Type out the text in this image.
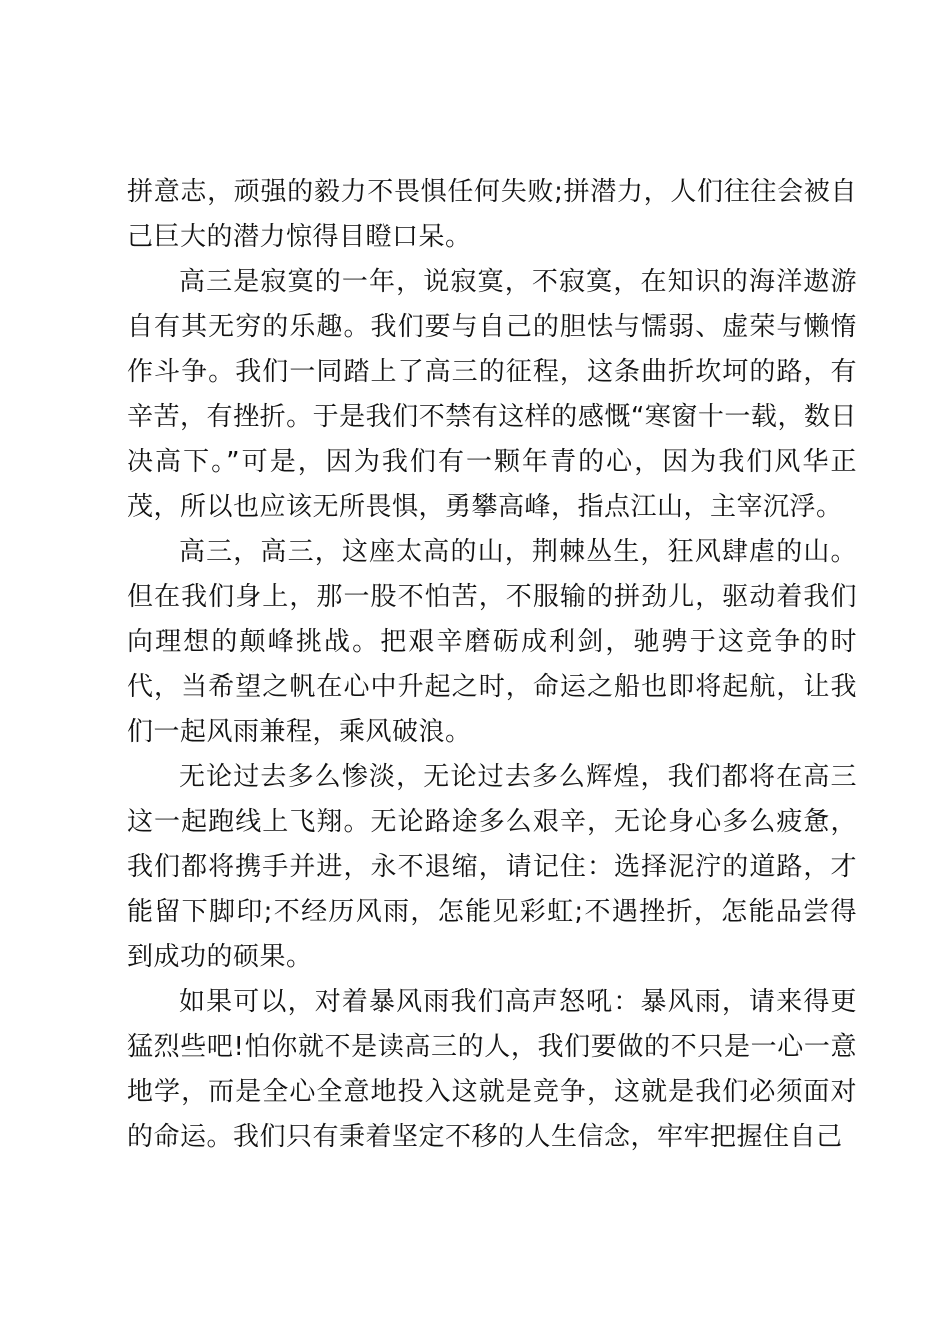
拼意志，顽强的毅力不畏惧任何失败;拼潜力，人们往往会被自己巨大的潜力惊得目瞪口呆。

高三是寂寞的一年，说寂寞，不寂寞，在知识的海洋遨游自有其无穷的乐趣。我们要与自己的胆怯与懦弱、虚荣与懒惰作斗争。我们一同踏上了高三的征程，这条曲折坎坷的路，有辛苦，有挫折。于是我们不禁有这样的感慨“寒窗十一载，数日决高下。”可是，因为我们有一颗年青的心，因为我们风华正茂，所以也应该无所畏惧，勇攀高峰，指点江山，主宰沉浮。

高三，高三，这座太高的山，荆棘丛生，狂风肆虐的山。但在我们身上，那一股不怕苦，不服输的拼劲儿，驱动着我们向理想的颠峰挑战。把艰辛磨砺成利剑，驰骋于这竞争的时代，当希望之帆在心中升起之时，命运之船也即将起航，让我们一起风雨兼程，乘风破浪。

无论过去多么惨淡，无论过去多么辉煌，我们都将在高三这一起跑线上飞翔。无论路途多么艰辛，无论身心多么疲惫，我们都将携手并进，永不退缩，请记住：选择泥泞的道路，才能留下脚印;不经历风雨，怎能见彩虹;不遇挫折，怎能品尝得到成功的硕果。

如果可以，对着暴风雨我们高声怒吼：暴风雨，请来得更猛烈些吧!怕你就不是读高三的人，我们要做的不只是一心一意地学，而是全心全意地投入这就是竞争，这就是我们必须面对的命运。我们只有秉着坚定不移的人生信念，牢牢把握住自己
